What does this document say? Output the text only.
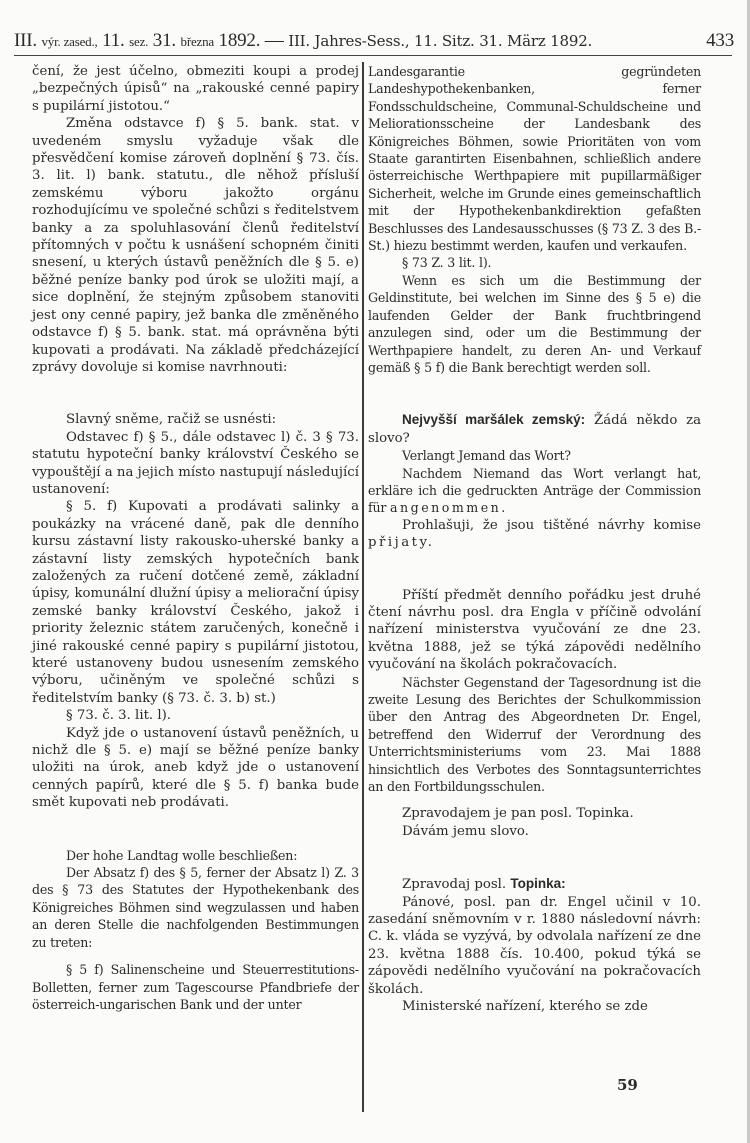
III. výr. zased., 11. sez. 31. března 1892. — III. Jahres-Sess., 11. Sitz. 31. März 1892.	433

čení, že jest účelno, obmeziti koupi a prodej „bezpečných úpisů“ na „rakouské cenné papiry s pupilární jistotou.“

Změna odstavce f) § 5. bank. stat. v uvedeném smyslu vyžaduje však dle přesvědčení komise zároveň doplnění § 73. čís. 3. lit. l) bank. statutu., dle něhož přísluší zemskému výboru jakožto orgánu rozhodujícímu ve společné schůzi s ředitelstvem banky a za spoluhlasování členů ředitelství přítomných v počtu k usnášení schopném činiti snesení, u kterých ústavů peněžních dle § 5. e) běžné peníze banky pod úrok se uložiti mají, a sice doplnění, že stejným způsobem stanoviti jest ony cenné papiry, jež banka dle změněného odstavce f) § 5. bank. stat. má oprávněna býti kupovati a prodávati. Na základě předcházející zprávy dovoluje si komise navrhnouti:

Slavný sněme, račiž se usnésti:

Odstavec f) § 5., dále odstavec l) č. 3 § 73. statutu hypoteční banky království Českého se vypouštějí a na jejich místo nastupují následující ustanovení:

§ 5. f) Kupovati a prodávati salinky a poukázky na vrácené daně, pak dle denního kursu zástavní listy rakousko-uherské banky a zástavní listy zemských hypotečních bank založených za ručení dotčené země, základní úpisy, komunální dlužní úpisy a meliorační úpisy zemské banky království Českého, jakož i priority železnic státem zaručených, konečně i jiné rakouské cenné papiry s pupilární jistotou, které ustanoveny budou usnesením zemského výboru, učiněným ve společné schůzi s ředitelstvím banky (§ 73. č. 3. b) st.)

§ 73. č. 3. lit. l).

Když jde o ustanovení ústavů peněžních, u nichž dle § 5. e) mají se běžné peníze banky uložiti na úrok, aneb když jde o ustanovení cenných papírů, které dle § 5. f) banka bude smět kupovati neb prodávati.

Der hohe Landtag wolle beschließen:

Der Absatz f) des § 5, ferner der Absatz l) Z. 3 des § 73 des Statutes der Hypothekenbank des Königreiches Böhmen sind wegzulassen und haben an deren Stelle die nachfolgenden Bestimmungen zu treten:

§ 5 f) Salinenscheine und Steuerrestitutions-Bolletten, ferner zum Tagescourse Pfandbriefe der österreich-ungarischen Bank und der unter

Landesgarantie gegründeten Landeshypothekenbanken, ferner Fondsschuldscheine, Communal-Schuldscheine und Meliorationsscheine der Landesbank des Königreiches Böhmen, sowie Prioritäten von vom Staate garantirten Eisenbahnen, schließlich andere österreichische Werthpapiere mit pupillarmäßiger Sicherheit, welche im Grunde eines gemeinschaftlich mit der Hypothekenbankdirektion gefaßten Beschlusses des Landesausschusses (§ 73 Z. 3 des B.-St.) hiezu bestimmt werden, kaufen und verkaufen.

§ 73 Z. 3 lit. l).

Wenn es sich um die Bestimmung der Geldinstitute, bei welchen im Sinne des § 5 e) die laufenden Gelder der Bank fruchtbringend anzulegen sind, oder um die Bestimmung der Werthpapiere handelt, zu deren An- und Verkauf gemäß § 5 f) die Bank berechtigt werden soll.

Nejvyšší maršálek zemský: Žádá někdo za slovo?

Verlangt Jemand das Wort?

Nachdem Niemand das Wort verlangt hat, erkläre ich die gedruckten Anträge der Commission für angenommen.

Prohlašuji, že jsou tištěné návrhy komise přijaty.

Příští předmět denního pořádku jest druhé čtení návrhu posl. dra Engla v příčině odvolání nařízení ministerstva vyučování ze dne 23. května 1888, jež se týká zápovědi nedělního vyučování na školách pokračovacích.

Nächster Gegenstand der Tagesordnung ist die zweite Lesung des Berichtes der Schulkommission über den Antrag des Abgeordneten Dr. Engel, betreffend den Widerruf der Verordnung des Unterrichtsministeriums vom 23. Mai 1888 hinsichtlich des Verbotes des Sonntagsunterrichtes an den Fortbildungsschulen.

Zpravodajem je pan posl. Topinka.

Dávám jemu slovo.

Zpravodaj posl. Topinka:

Pánové, posl. pan dr. Engel učinil v 10. zasedání sněmovním v r. 1880 následovní návrh: C. k. vláda se vyzývá, by odvolala nařízení ze dne 23. května 1888 čís. 10.400, pokud týká se zápovědi nedělního vyučování na pokračovacích školách.

Ministerské nařízení, kterého se zde

59
